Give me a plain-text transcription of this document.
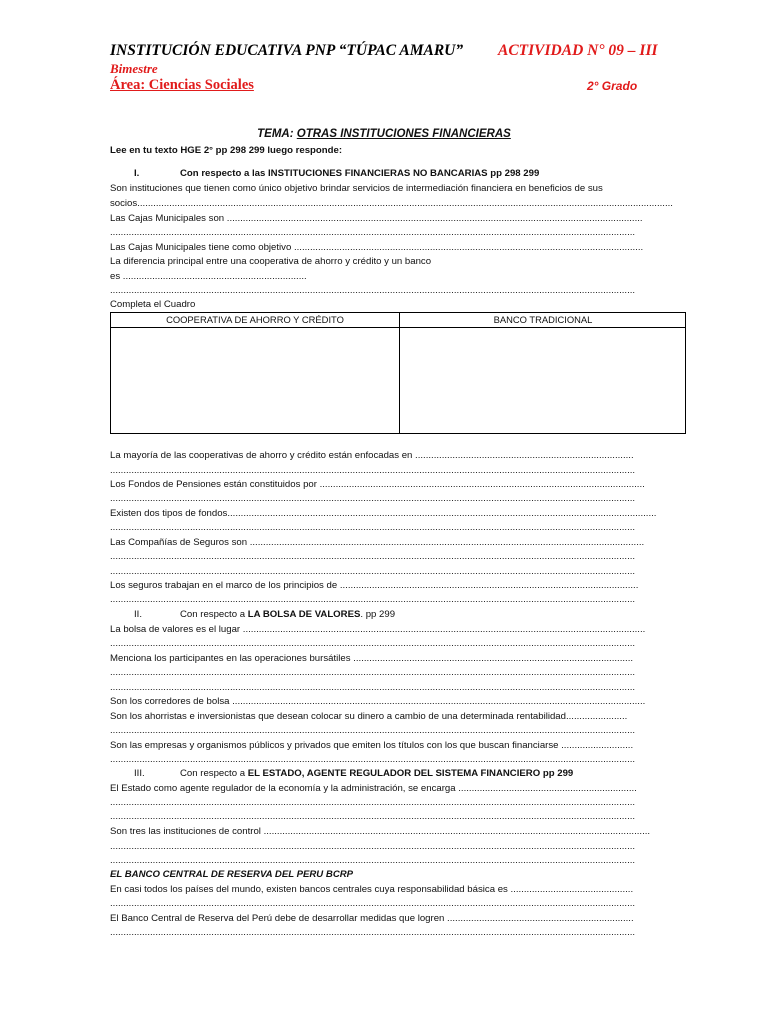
INSTITUCIÓN EDUCATIVA PNP “TÚPAC AMARU” ACTIVIDAD N° 09 – III
Bimestre
Área: Ciencias Sociales	2° Grado
TEMA: OTRAS INSTITUCIONES FINANCIERAS
Lee en tu texto HGE 2° pp 298 299 luego responde:
I.	Con respecto a las INSTITUCIONES FINANCIERAS NO BANCARIAS pp 298 299
Son instituciones que tienen como único objetivo brindar servicios de intermediación financiera en beneficios de sus
socios.........................................................................................................................................................................................................
Las Cajas Municipales son ............................................................................................................................................................
.....................................................................................................................................................................................................
Las Cajas Municipales tiene como objetivo ...................................................................................................................................
La diferencia principal entre una cooperativa de ahorro y crédito y un banco
es .....................................................................
.....................................................................................................................................................................................................
Completa el Cuadro
COOPERATIVA DE AHORRO Y CRÉDITO	BANCO TRADICIONAL
La mayoría de las cooperativas de ahorro y crédito están enfocadas en ..................................................................................
.....................................................................................................................................................................................................
Los Fondos de Pensiones están constituidos por ..........................................................................................................................
.....................................................................................................................................................................................................
Existen dos tipos de fondos.................................................................................................................................................................
.....................................................................................................................................................................................................
Las Compañías de Seguros son ....................................................................................................................................................
.....................................................................................................................................................................................................
.....................................................................................................................................................................................................
Los seguros trabajan en el marco de los principios de ................................................................................................................
.....................................................................................................................................................................................................
II.	Con respecto a LA BOLSA DE VALORES. pp 299
La bolsa de valores es el lugar .......................................................................................................................................................
.....................................................................................................................................................................................................
Menciona los participantes en las operaciones bursátiles .........................................................................................................
.....................................................................................................................................................................................................
.....................................................................................................................................................................................................
Son los corredores de bolsa ...........................................................................................................................................................
Son los ahorristas e inversionistas que desean colocar su dinero a cambio de una determinada rentabilidad.......................
.....................................................................................................................................................................................................
Son las empresas y organismos públicos y privados que emiten los títulos con los que buscan financiarse ...........................
.....................................................................................................................................................................................................
III.	Con respecto a EL ESTADO, AGENTE REGULADOR DEL SISTEMA FINANCIERO pp 299
El Estado como agente regulador de la economía y la administración, se encarga ...................................................................
.....................................................................................................................................................................................................
.....................................................................................................................................................................................................
Son tres las instituciones de control .................................................................................................................................................
.....................................................................................................................................................................................................
.....................................................................................................................................................................................................
EL BANCO CENTRAL DE RESERVA DEL PERU BCRP
En casi todos los países del mundo, existen bancos centrales cuya responsabilidad básica es ..............................................
.....................................................................................................................................................................................................
El Banco Central de Reserva del Perú debe de desarrollar medidas que logren ......................................................................
.....................................................................................................................................................................................................
